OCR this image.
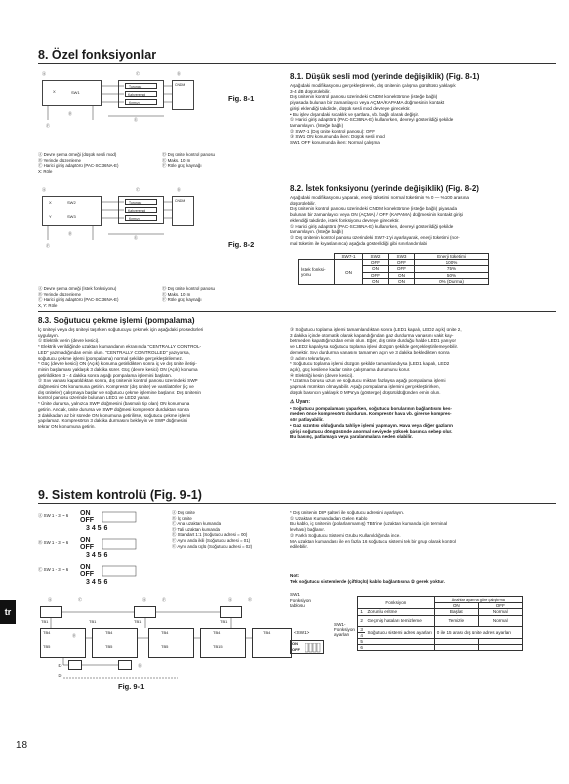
8. Özel fonksiyonlar
Ⓐ	Ⓒ	Ⓓ
X	SW1
Turuncu
Kahverengi
Kırmızı
CNDM
Ⓑ
Ⓔ
Ⓕ
Fig. 8-1
Ⓐ Devre şema örneği (düşük sesli mod)
Ⓑ Yerinde düzenleme
Ⓒ Harici giriş adaptörü (PAC-SC36NA-E)
X: Röle
Ⓓ Dış ünite kontrol panosu
Ⓔ Maks. 10 m
Ⓕ Röle güç kaynağı
8.1. Düşük sesli mod (yerinde değişiklik) (Fig. 8-1)

Aşağıdaki modifikasyonu gerçekleştirerek, dış ünitenin çalışma gürültüsü yaklaşık

3-4 dB düşürülebilir.

Dış ünitenin kontrol panosu üzerindeki CNDM konektörüne (isteğe bağlı)

piyasada bulunan bir zamanlayıcı veya AÇMA/KAPAMA düğmesinin kontakt

girişi eklendiği takdirde, düşük sesli mod devreye girecektir.

• Bu işlev dışarıdaki sıcaklık ve şartlara, vb. bağlı olarak değişir.

① Harici giriş adaptörü (PAC-SC36NA-E) kullanırken, devreyi gösterildiği şekilde

tamamlayın. (İsteğe bağlı)

② SW7-1 (Dış ünite kontrol panosu): OFF

③ SW1 ON konumunda iken: Düşük sesli mod

SW1 OFF konumunda iken: Normal çalışma

Ⓐ	Ⓒ	Ⓓ
X
Y
SW2
SW3
Turuncu
Kahverengi
Kırmızı
CNDM
Ⓑ
Ⓔ
Ⓕ	Fig. 8-2
Ⓐ Devre şema örneği (İstek fonksiyonu)
Ⓑ Yerinde düzenleme
Ⓒ Harici giriş adaptörü (PAC-SC36NA-E)
X, Y: Röle
Ⓓ Dış ünite kontrol panosu
Ⓔ Maks. 10 m
Ⓕ Röle güç kaynağı
8.2. İstek fonksiyonu (yerinde değişiklik) (Fig. 8-2)

Aşağıdaki modifikasyonu yaparak, enerji tüketimi normal tüketimin % 0 — %100 arasına

düşürülebilir.

Dış ünitenin kontrol panosu üzerindeki CNDM konektörüne (isteğe bağlı) piyasada

bulunan bir zamanlayıcı veya ON (AÇMA) / OFF (KAPAMA) düğmesinin kontakt girişi

eklendiği takdirde, istek fonksiyonu devreye girecektir.

① Harici giriş adaptörü (PAC-SC36NA-E) kullanırken, devreyi gösterildiği şekilde

tamamlayın. (İsteğe bağlı)

② Dış ünitenin kontrol panosu üzerindeki SW7-1'yi ayarlayarak, enerji tüketimi (nor-

mal tüketim ile kıyaslanınca) aşağıda gösterildiği gibi sınırlandırılabi

	SW7-1	SW2	SW3	Enerji tüketimi
İstek fonksi-yonu	ON	OFF	OFF	100%
		ON	OFF	75%
		OFF	ON	50%
		ON	ON	0% (Durma)
8.3. Soğutucu çekme işlemi (pompalama)

İç üniteyi veya dış üniteyi taşırken soğutucuyu çekmek için aşağıdaki prosedürleri

uygulayın.

① Elektrik verin (devre kesici).

* Elektrik verildiğinde uzaktan kumandanın ekranında "CENTRALLY CONTROL-

LED" yazmadığından emin olun. "CENTRALLY CONTROLLED" yazıyorsa,

soğutucu çekme işlemi (pompalama) normal şekilde gerçekleştirilemez.

* Güç (devre kesici) ON (Açık) konuma getirildikten sonra iç ve dış ünite iletişi-

minin başlaması yaklaşık 3 dakika sürer. Güç (devre kesici) ON (Açık) konuma

getirildikten 3 - 4 dakika sonra aşağı pompalama işlemini başlatın.

② Sıvı vanası kapatıldıktan sonra, dış ünitenin kontrol panosu üzerindeki SWP

düğmesini ON konumuna getirin. Kompresör (dış ünite) ve vantilatörler (iç ve

dış üniteler) çalışmaya başlar ve soğutucu çekme işlemine başlanır. Dış ünitenin

kontrol panosu üzerinde bulunan LED1 ve LED2 yanar.

* Ünite durursa, yalnızca SWP düğmesini (basmalı tip olan) ON konumuna

getirin. Ancak, ünite durursa ve SWP düğmesi kompresör durduktan sonra

3 dakikadan az bir sürede ON konumuna getirilirse, soğutucu çekme işlemi

yapılamaz. Kompresörün 3 dakika durmasını bekleyin ve SWP düğmesini

tekrar ON konumuna getirin.

③ Soğutucu toplama işlemi tamamlandıktan sonra (LED1 kapalı, LED2 açık) ünite 2,

3 dakika içinde otomatik olarak kapandığından gaz durdurma vanasını vakit kay-

betmeden kapattığınızdan emin olun. Eğer, dış ünite durduğu halde LED1 yanıyor

ve LED2 kapalıysa soğutucu toplama işlevi düzgün şekilde gerçekleştirilemeyebilir.

demektir. Sıvı durdurma vanasını tamamen açın ve 3 dakika bekledikten sonra

② adımı tekrarlayın.

* Soğutucu toplama işlemi düzgün şekilde tamamlandıysa (LED1 kapalı, LED2

açık), güç kesilene kadar ünite çalışmama durumunu korur.

④ Elektriği kesin (devre kesici).

* Uzatma borusu uzun ve soğutucu miktarı fazlaysa aşağı pompalama işlemi

yapmak mümkün olmayabilir. Aşağı pompalama işlemini gerçekleştirirken,

düşük basıncın yaklaşık 0 MPa'ya (gösterge) düşürüldüğünden emin olun.

⚠ Uyarı:

• Soğutucu pompalaması yaparken, soğutucu borularının bağlantısını kes-

meden önce kompresörü durdurun. Kompresör hava vb. girerse kompres-

sör patlayabilir.

• Gaz sızıntısı olduğunda tahliye işlemi yapmayın. Hava veya diğer gazların

girişi soğutucu döngüsünde anormal seviyede yüksek basınca sebep olur.

Bu basınç, patlamaya veya yaralanmalara neden olabilir.

9. Sistem kontrolü (Fig. 9-1)
Ⓐ SW 1 - 3 ~ 6 ON
OFF
3 4 5 6
Ⓑ SW 1 - 3 ~ 6 ON
OFF
3 4 5 6
Ⓒ SW 1 - 3 ~ 6 ON
OFF
3 4 5 6
Ⓐ Dış ünite
Ⓑ İç ünite
Ⓒ Ana uzaktan kumanda
Ⓓ Tali uzaktan kumanda
Ⓔ Standart 1:1 (Soğutucu adresi = 00)
Ⓕ Aynı anda ikili (Soğutucu adresi = 01)
Ⓖ Aynı anda üçlü (Soğutucu adresi = 02)
Ⓐ	Ⓒ	Ⓐ	Ⓕ	Ⓐ	Ⓖ
TB1	TB1	TB1	TB1
TB4
TB5
TB4
TB5
TB4
TB5
TB4
TB15
TB4
Ⓑ
①
②
Ⓓ
Fig. 9-1

* Dış ünitenin DIP şalteri ile soğutucu adresini ayarlayın.

① Uzaktan Kumandadan Gelen Kablo

Bu kablo, iç ünitenin (polarlanmamış) TB5'ine (uzaktan kumanda için terminal

levhası) bağlanır.

② Farklı Soğutucu Sistemi Grubu Kullanıldığında ince.

MA uzaktan kumandası ile en fazla 16 soğutucu sistemi tek bir grup olarak kontrol

edilebilir.

Not:

Tek soğutucu sistemlerde (çift/üçlü) kablo bağlantısına ② gerek yoktur.

SW1

Fonksiyon

tablosu

<SW1>
ON
OFF
	Fonksiyon		Anahtar ayarına göre çalıştırma	
			ON	OFF
SW1-Fonksiyon ayarları	1	Zorunlu eritme	Başlat	Normal
	2	Geçmiş hataları temizleme	Temizle	Normal
	3	Soğutucu sistemi adres ayarları	0 ile 15 arası dış ünite adres ayarları	
	4			
	5			
	6			
tr
18
